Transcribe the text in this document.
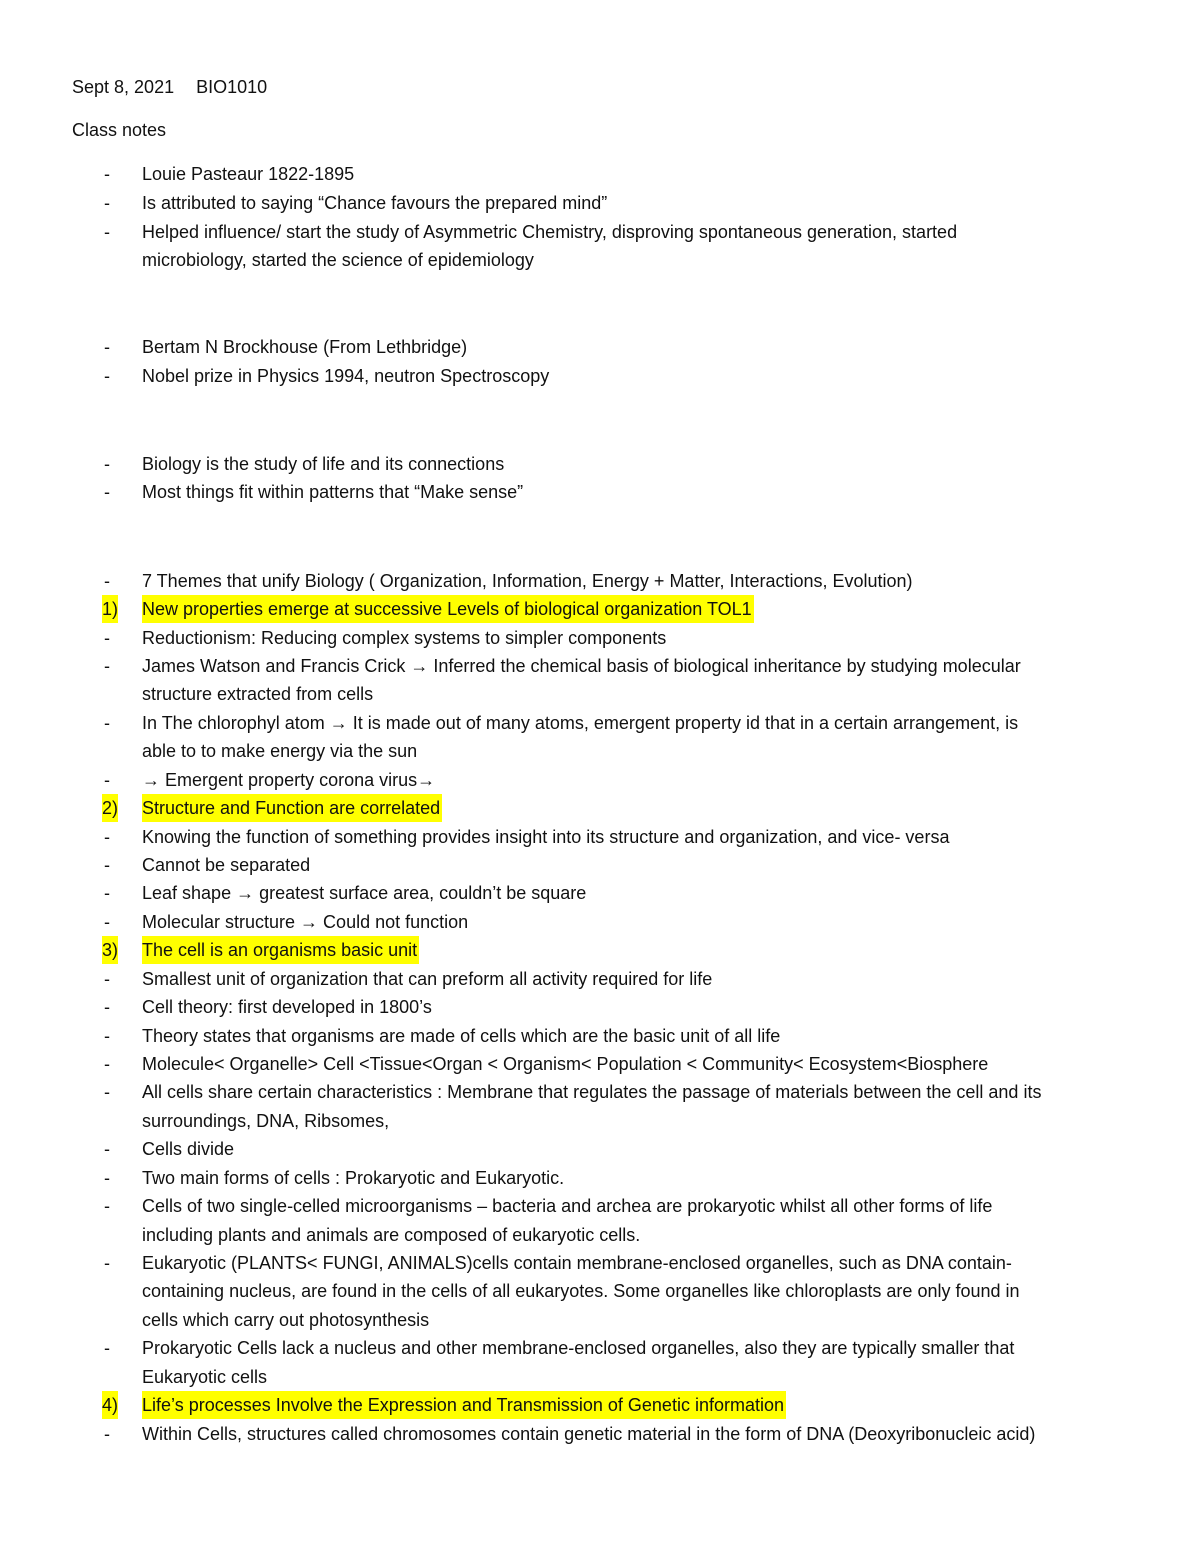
Sept 8, 2021 BIO1010
Class notes
- Louie Pasteaur 1822-1895
- Is attributed to saying “Chance favours the prepared mind”
- Helped influence/ start the study of Asymmetric Chemistry, disproving spontaneous generation, started
microbiology, started the science of epidemiology
- Bertam N Brockhouse (From Lethbridge)
- Nobel prize in Physics 1994, neutron Spectroscopy
- Biology is the study of life and its connections
- Most things fit within patterns that “Make sense”
- 7 Themes that unify Biology ( Organization, Information, Energy + Matter, Interactions, Evolution)
1) New properties emerge at successive Levels of biological organization TOL1
- Reductionism: Reducing complex systems to simpler components
- James Watson and Francis Crick → Inferred the chemical basis of biological inheritance by studying molecular
structure extracted from cells
- In The chlorophyl atom → It is made out of many atoms, emergent property id that in a certain arrangement, is
able to to make energy via the sun
- → Emergent property corona virus→
2) Structure and Function are correlated
- Knowing the function of something provides insight into its structure and organization, and vice- versa
- Cannot be separated
- Leaf shape → greatest surface area, couldn’t be square
- Molecular structure → Could not function
3) The cell is an organisms basic unit
- Smallest unit of organization that can preform all activity required for life
- Cell theory: first developed in 1800’s
- Theory states that organisms are made of cells which are the basic unit of all life
- Molecule< Organelle> Cell <Tissue<Organ < Organism< Population < Community< Ecosystem<Biosphere
- All cells share certain characteristics : Membrane that regulates the passage of materials between the cell and its
surroundings, DNA, Ribsomes,
- Cells divide
- Two main forms of cells : Prokaryotic and Eukaryotic.
- Cells of two single-celled microorganisms – bacteria and archea are prokaryotic whilst all other forms of life
including plants and animals are composed of eukaryotic cells.
- Eukaryotic (PLANTS< FUNGI, ANIMALS)cells contain membrane-enclosed organelles, such as DNA contain-
containing nucleus, are found in the cells of all eukaryotes. Some organelles like chloroplasts are only found in
cells which carry out photosynthesis
- Prokaryotic Cells lack a nucleus and other membrane-enclosed organelles, also they are typically smaller that
Eukaryotic cells
4) Life’s processes Involve the Expression and Transmission of Genetic information
- Within Cells, structures called chromosomes contain genetic material in the form of DNA (Deoxyribonucleic acid)
